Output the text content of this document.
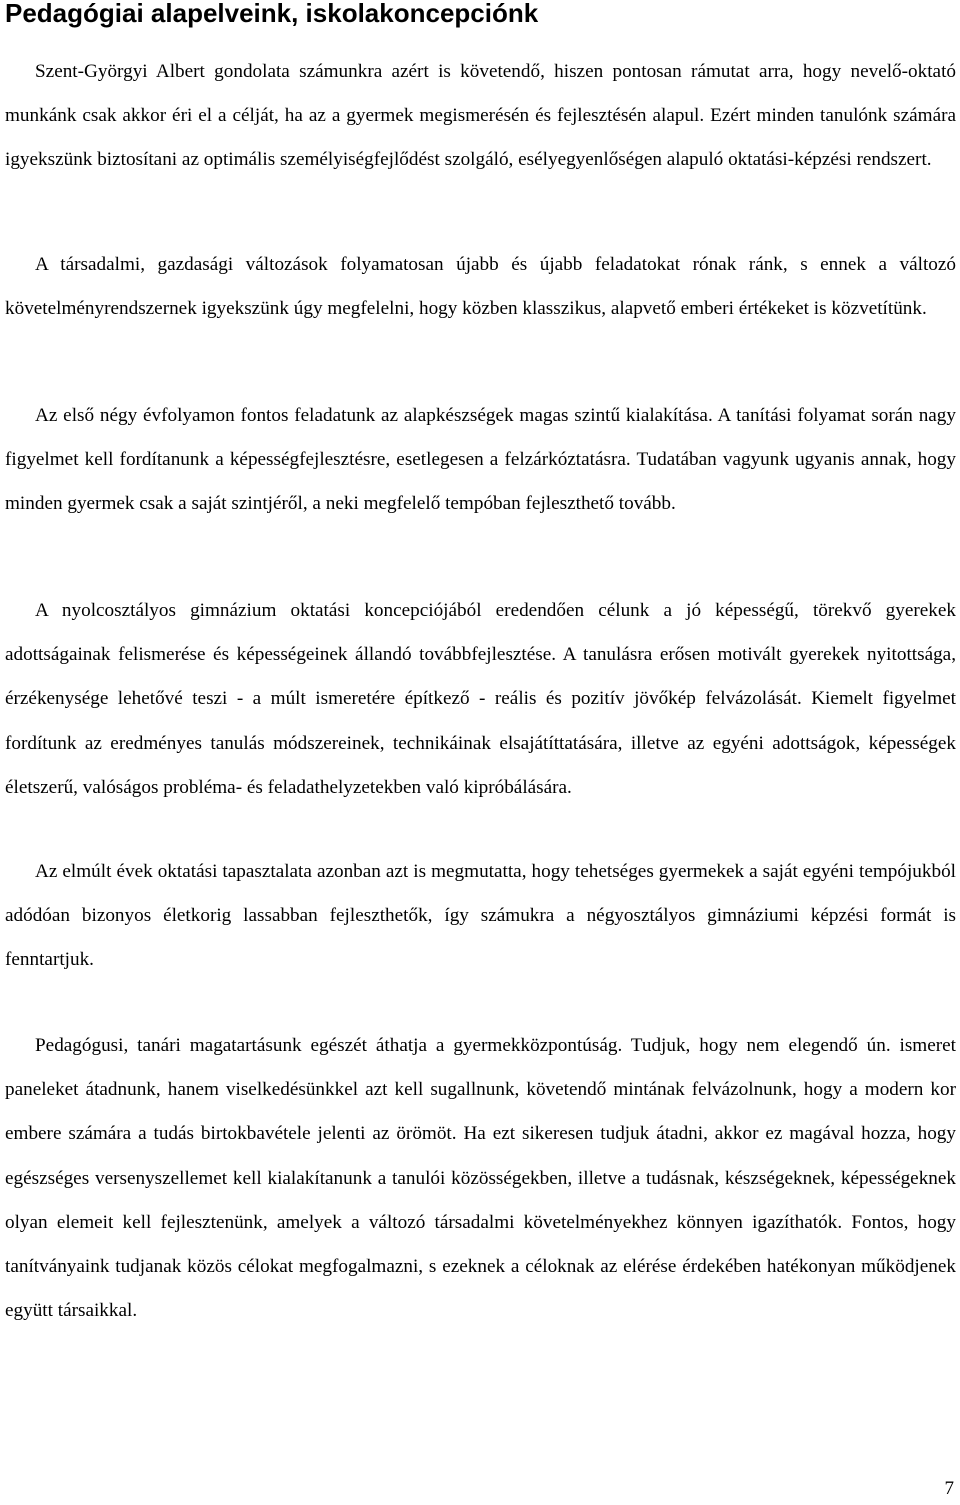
Pedagógiai alapelveink, iskolakoncepciónk

Szent-Györgyi Albert gondolata számunkra azért is követendő, hiszen pontosan rámutat arra, hogy nevelő-oktató munkánk csak akkor éri el a célját, ha az a gyermek megismerésén és fejlesztésén alapul. Ezért minden tanulónk számára igyekszünk biztosítani az optimális személyiségfejlődést szolgáló, esélyegyenlőségen alapuló oktatási-képzési rendszert.

A társadalmi, gazdasági változások folyamatosan újabb és újabb feladatokat rónak ránk, s ennek a változó követelményrendszernek igyekszünk úgy megfelelni, hogy közben klasszikus, alapvető emberi értékeket is közvetítünk.

Az első négy évfolyamon fontos feladatunk az alapkészségek magas szintű kialakítása. A tanítási folyamat során nagy figyelmet kell fordítanunk a képességfejlesztésre, esetlegesen a felzárkóztatásra. Tudatában vagyunk ugyanis annak, hogy minden gyermek csak a saját szintjéről, a neki megfelelő tempóban fejleszthető tovább.

A nyolcosztályos gimnázium oktatási koncepciójából eredendően célunk a jó képességű, törekvő gyerekek adottságainak felismerése és képességeinek állandó továbbfejlesztése. A tanulásra erősen motivált gyerekek nyitottsága, érzékenysége lehetővé teszi - a múlt ismeretére építkező - reális és pozitív jövőkép felvázolását. Kiemelt figyelmet fordítunk az eredményes tanulás módszereinek, technikáinak elsajátíttatására, illetve az egyéni adottságok, képességek életszerű, valóságos probléma- és feladathelyzetekben való kipróbálására.

Az elmúlt évek oktatási tapasztalata azonban azt is megmutatta, hogy tehetséges gyermekek a saját egyéni tempójukból adódóan bizonyos életkorig lassabban fejleszthetők, így számukra a négyosztályos gimnáziumi képzési formát is fenntartjuk.

Pedagógusi, tanári magatartásunk egészét áthatja a gyermekközpontúság. Tudjuk, hogy nem elegendő ún. ismeret paneleket átadnunk, hanem viselkedésünkkel azt kell sugallnunk, követendő mintának felvázolnunk, hogy a modern kor embere számára a tudás birtokbavétele jelenti az örömöt. Ha ezt sikeresen tudjuk átadni, akkor ez magával hozza, hogy egészséges versenyszellemet kell kialakítanunk a tanulói közösségekben, illetve a tudásnak, készségeknek, képességeknek olyan elemeit kell fejlesztenünk, amelyek a változó társadalmi követelményekhez könnyen igazíthatók. Fontos, hogy tanítványaink tudjanak közös célokat megfogalmazni, s ezeknek a céloknak az elérése érdekében hatékonyan működjenek együtt társaikkal.

7
